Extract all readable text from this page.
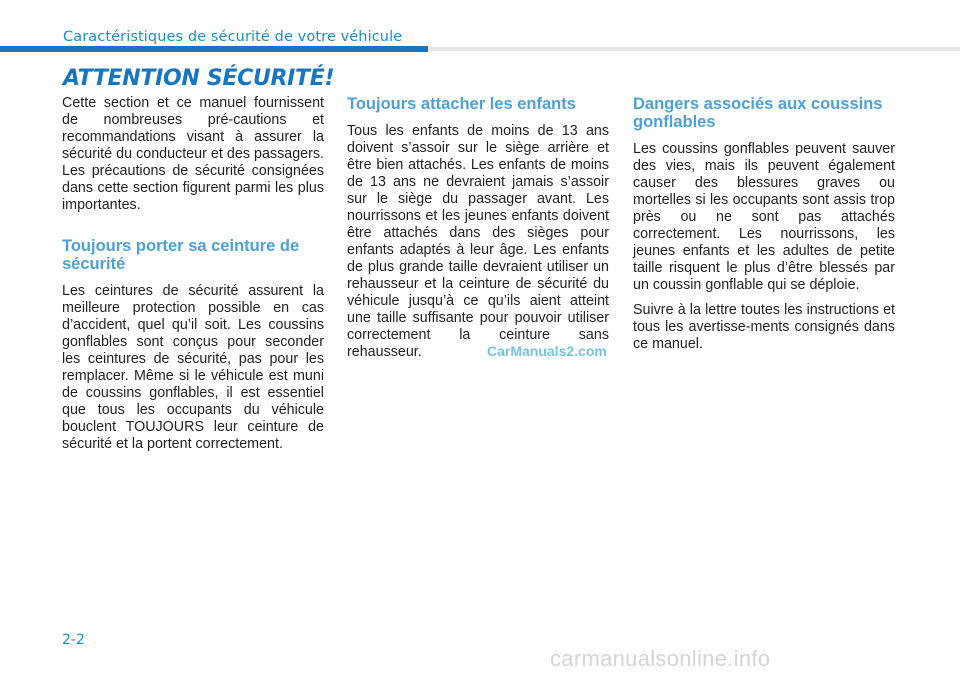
Caractéristiques de sécurité de votre véhicule
ATTENTION SÉCURITÉ!

Cette section et ce manuel fournissent de nombreuses pré-cautions et recommandations visant à assurer la sécurité du conducteur et des passagers. Les précautions de sécurité consignées dans cette section figurent parmi les plus importantes.

Toujours porter sa ceinture de sécurité

Les ceintures de sécurité assurent la meilleure protection possible en cas d’accident, quel qu’il soit. Les coussins gonflables sont conçus pour seconder les ceintures de sécurité, pas pour les remplacer. Même si le véhicule est muni de coussins gonflables, il est essentiel que tous les occupants du véhicule bouclent TOUJOURS leur ceinture de sécurité et la portent correctement.

Toujours attacher les enfants

Tous les enfants de moins de 13 ans doivent s’assoir sur le siège arrière et être bien attachés. Les enfants de moins de 13 ans ne devraient jamais s’assoir sur le siège du passager avant. Les nourrissons et les jeunes enfants doivent être attachés dans des sièges pour enfants adaptés à leur âge. Les enfants de plus grande taille devraient utiliser un rehausseur et la ceinture de sécurité du véhicule jusqu’à ce qu’ils aient atteint une taille suffisante pour pouvoir utiliser correctement la ceinture sans rehausseur.

Dangers associés aux coussins gonflables

Les coussins gonflables peuvent sauver des vies, mais ils peuvent également causer des blessures graves ou mortelles si les occupants sont assis trop près ou ne sont pas attachés correctement. Les nourrissons, les jeunes enfants et les adultes de petite taille risquent le plus d’être blessés par un coussin gonflable qui se déploie.

Suivre à la lettre toutes les instructions et tous les avertisse-ments consignés dans ce manuel.

CarManuals2.com
2-2
carmanualsonline.info
